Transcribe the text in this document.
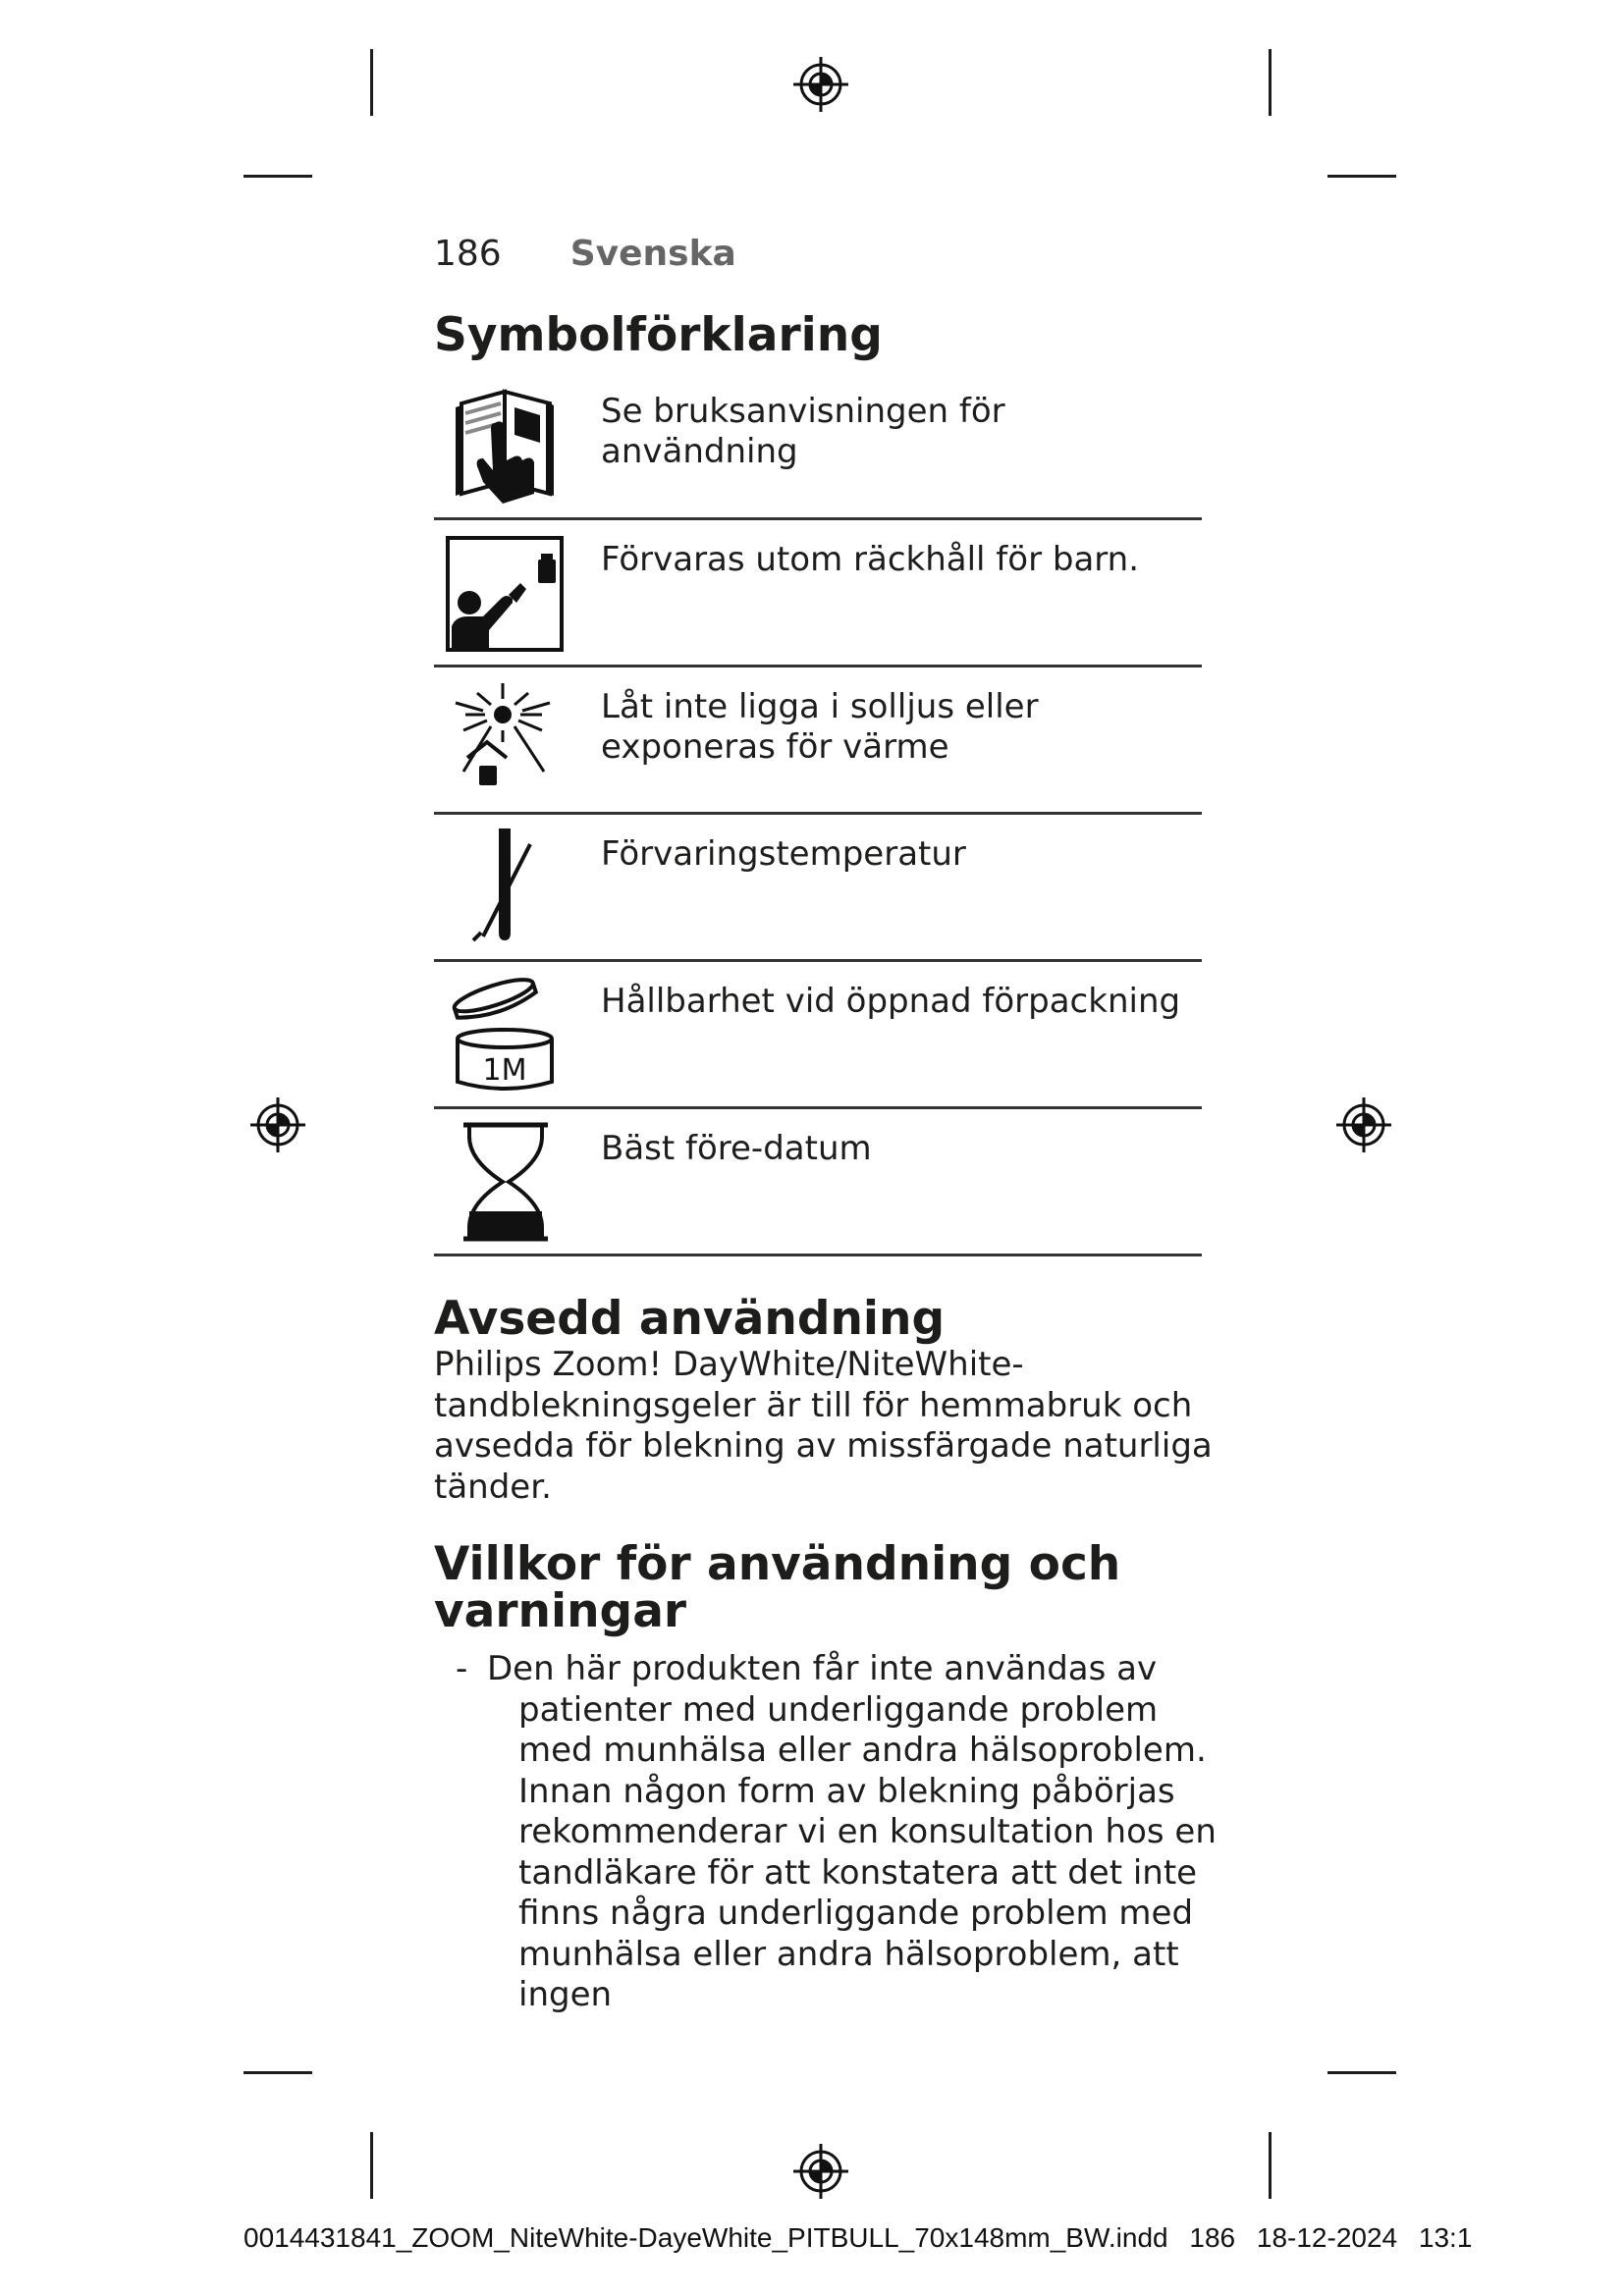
186 Svenska
Symbolförklaring
Se bruksanvisningen för användning
Förvaras utom räckhåll för barn.
Låt inte ligga i solljus eller exponeras för värme
Förvaringstemperatur
1M
Hållbarhet vid öppnad förpackning
Bäst före-datum
Avsedd användning
Philips Zoom! DayWhite/NiteWhite-
tandblekningsgeler är till för hemmabruk och
avsedda för blekning av missfärgade naturliga
tänder.
Villkor för användning och
varningar
- Den här produkten får inte användas av
patienter med underliggande problem
med munhälsa eller andra hälsoproblem.
Innan någon form av blekning påbörjas
rekommenderar vi en konsultation hos en
tandläkare för att konstatera att det inte
finns några underliggande problem med
munhälsa eller andra hälsoproblem, att ingen
0014431841_ZOOM_NiteWhite-DayeWhite_PITBULL_70x148mm_BW.indd 186 18-12-2024 13:1
